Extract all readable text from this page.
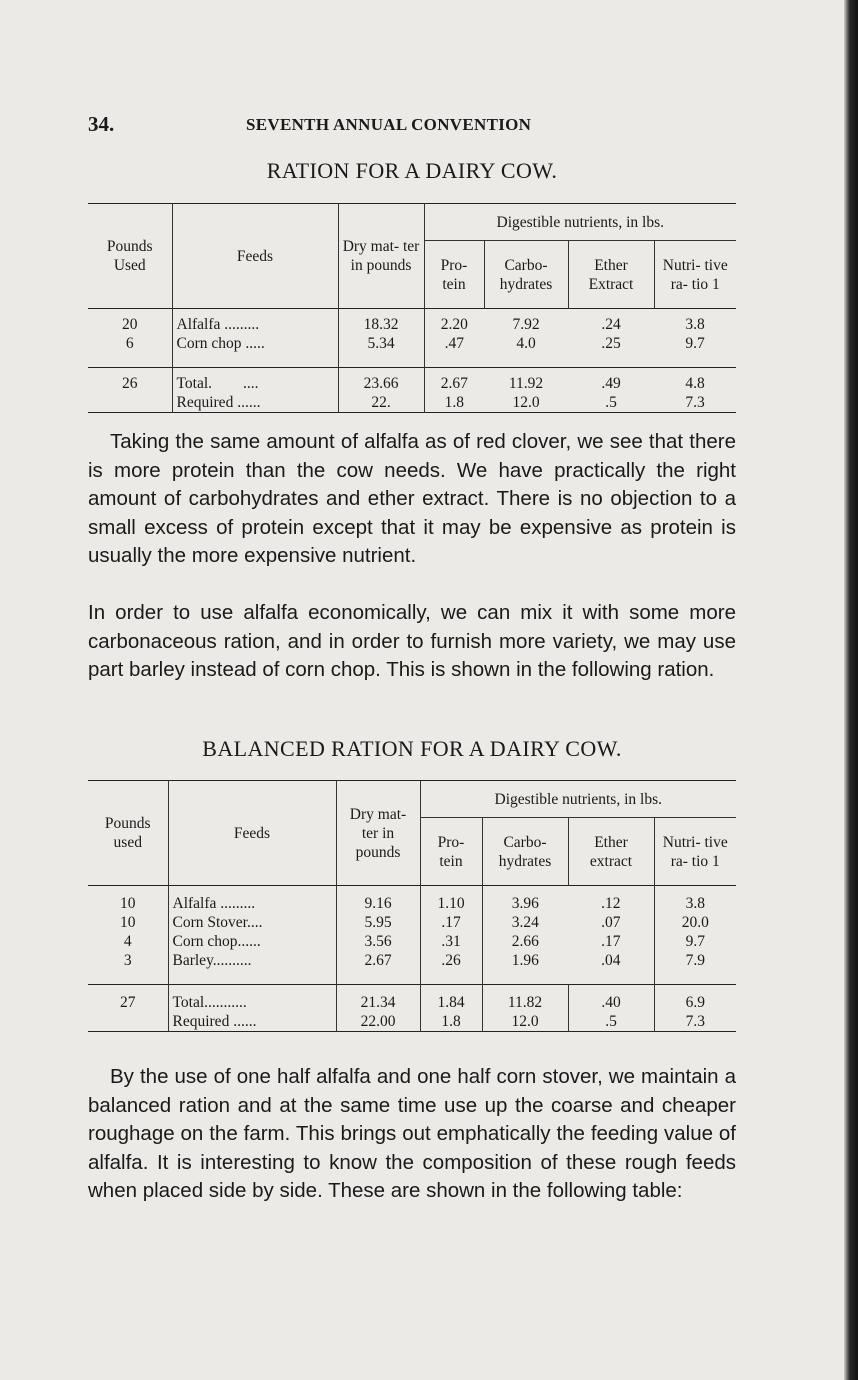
34.	SEVENTH ANNUAL CONVENTION
RATION FOR A DAIRY COW.
Pounds Used	Feeds	Dry mat- ter in pounds	Digestible nutrients, in lbs.			
			Pro- tein	Carbo- hydrates	Ether Extract	Nutri- tive ra- tio 1
20	Alfalfa .........	18.32	2.20	7.92	.24	3.8
6	Corn chop .....	5.34	.47	4.0	.25	9.7
26	Total.        ....	23.66	2.67	11.92	.49	4.8
	Required ......	22.	1.8	12.0	.5	7.3
Taking the same amount of alfalfa as of red clover, we see that there is more protein than the cow needs. We have practically the right amount of carbohydrates and ether extract. There is no objection to a small excess of protein except that it may be expensive as protein is usually the more expensive nutrient.
In order to use alfalfa economically, we can mix it with some more carbonaceous ration, and in order to furnish more variety, we may use part barley instead of corn chop. This is shown in the following ration.
BALANCED RATION FOR A DAIRY COW.
Pounds used	Feeds	Dry mat- ter in pounds	Digestible nutrients, in lbs.			
			Pro- tein	Carbo- hydrates	Ether extract	Nutri- tive ra- tio 1
10	Alfalfa .........	9.16	1.10	3.96	.12	3.8
10	Corn Stover....	5.95	.17	3.24	.07	20.0
4	Corn chop......	3.56	.31	2.66	.17	9.7
3	Barley..........	2.67	.26	1.96	.04	7.9
27	Total...........	21.34	1.84	11.82	.40	6.9
	Required ......	22.00	1.8	12.0	.5	7.3
By the use of one half alfalfa and one half corn stover, we maintain a balanced ration and at the same time use up the coarse and cheaper roughage on the farm. This brings out emphatically the feeding value of alfalfa. It is interesting to know the composition of these rough feeds when placed side by side. These are shown in the following table:
